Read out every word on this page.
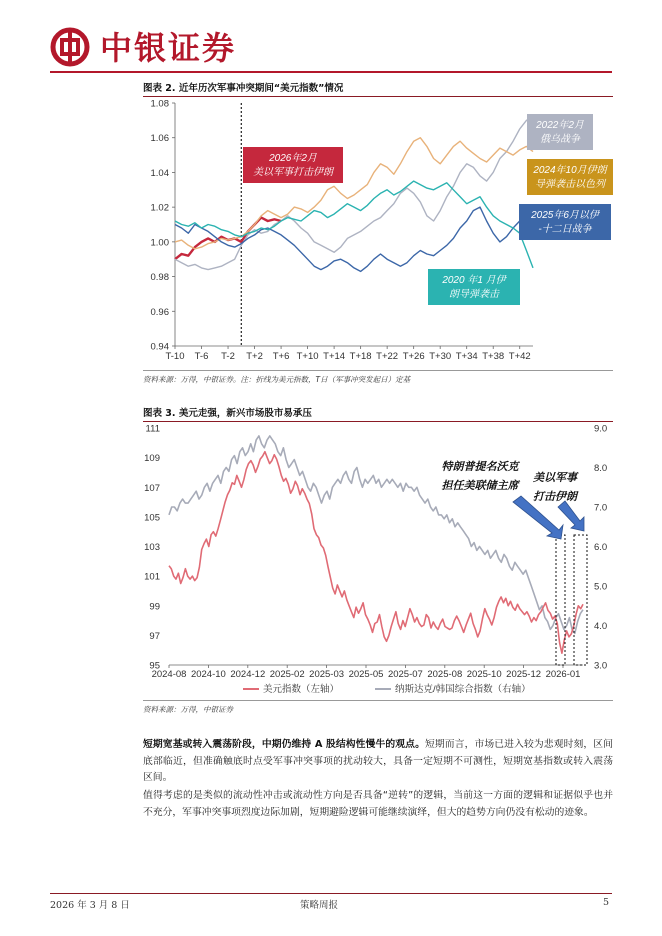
中银证券
图表 2. 近年历次军事冲突期间“美元指数”情况
0.94
0.96
0.98
1.00
1.02
1.04
1.06
1.08
T-10 T-6 T-2 T+2 T+6 T+10 T+14 T+18 T+22 T+26 T+30 T+34 T+38 T+42
2026年2月
美以军事打击伊朗
2022年2月
俄乌战争
2024年10月伊朗
导弹袭击以色列
2025年6月以伊
-十二日战争
2020 年1 月伊
朗导弹袭击
资料来源：万得，中银证券。注：折线为美元指数，T日（军事冲突发起日）定基
图表 3. 美元走强，新兴市场股市易承压
95
97
99
101
103
105
107
109
111
3.0
4.0
5.0
6.0
7.0
8.0
9.0
2024-08 2024-10 2024-12 2025-02 2025-03 2025-05 2025-07 2025-08 2025-10 2025-12 2026-01
特朗普提名沃克
担任美联储主席
美以军事
打击伊朗
美元指数（左轴）	纳斯达克/韩国综合指数（右轴）
资料来源：万得，中银证券
短期宽基或转入震荡阶段，中期仍维持 A 股结构性慢牛的观点。短期而言，市场已进入较为悲观时刻，区间底部临近，但准确触底时点受军事冲突事项的扰动较大，具备一定短期不可测性，短期宽基指数或转入震荡区间。
值得考虑的是类似的流动性冲击或流动性方向是否具备“逆转”的逻辑，当前这一方面的逻辑和证据似乎也并不充分，军事冲突事项烈度边际加剧，短期避险逻辑可能继续演绎，但大的趋势方向仍没有松动的迹象。
2026 年 3 月 8 日	策略周报	5
